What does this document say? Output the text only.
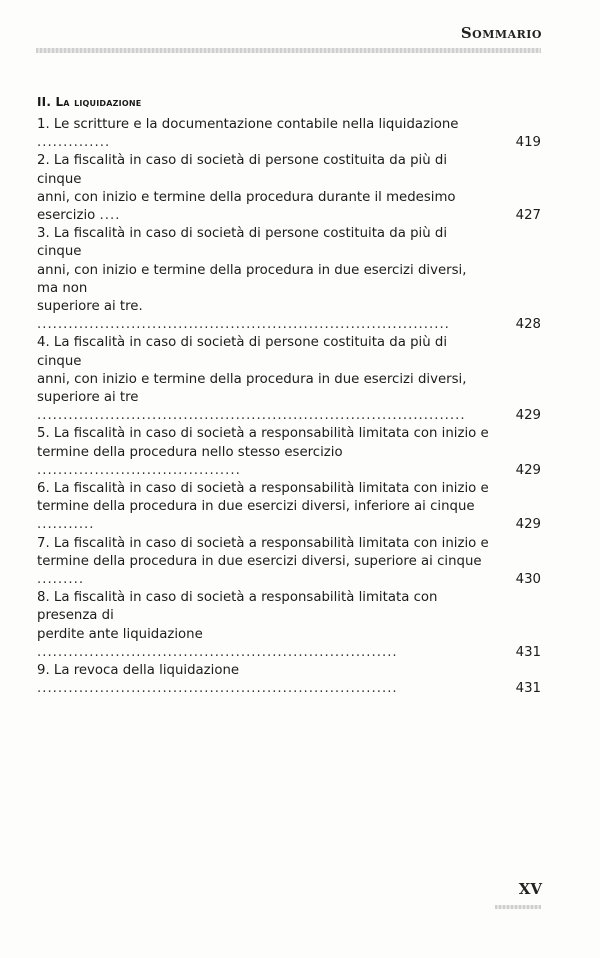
Sommario
II. La liquidazione
1. Le scritture e la documentazione contabile nella liquidazione ..............	419
2. La fiscalità in caso di società di persone costituita da più di cinque
anni, con inizio e termine della procedura durante il medesimo esercizio ....	427
3. La fiscalità in caso di società di persone costituita da più di cinque
anni, con inizio e termine della procedura in due esercizi diversi, ma non
superiore ai tre. ...............................................................................	428
4. La fiscalità in caso di società di persone costituita da più di cinque
anni, con inizio e termine della procedura in due esercizi diversi,
superiore ai tre ..................................................................................	429
5. La fiscalità in caso di società a responsabilità limitata con inizio e
termine della procedura nello stesso esercizio .......................................	429
6. La fiscalità in caso di società a responsabilità limitata con inizio e
termine della procedura in due esercizi diversi, inferiore ai cinque ...........	429
7. La fiscalità in caso di società a responsabilità limitata con inizio e
termine della procedura in due esercizi diversi, superiore ai cinque .........	430
8. La fiscalità in caso di società a responsabilità limitata con presenza di
perdite ante liquidazione .....................................................................	431
9. La revoca della liquidazione .....................................................................	431
XV
